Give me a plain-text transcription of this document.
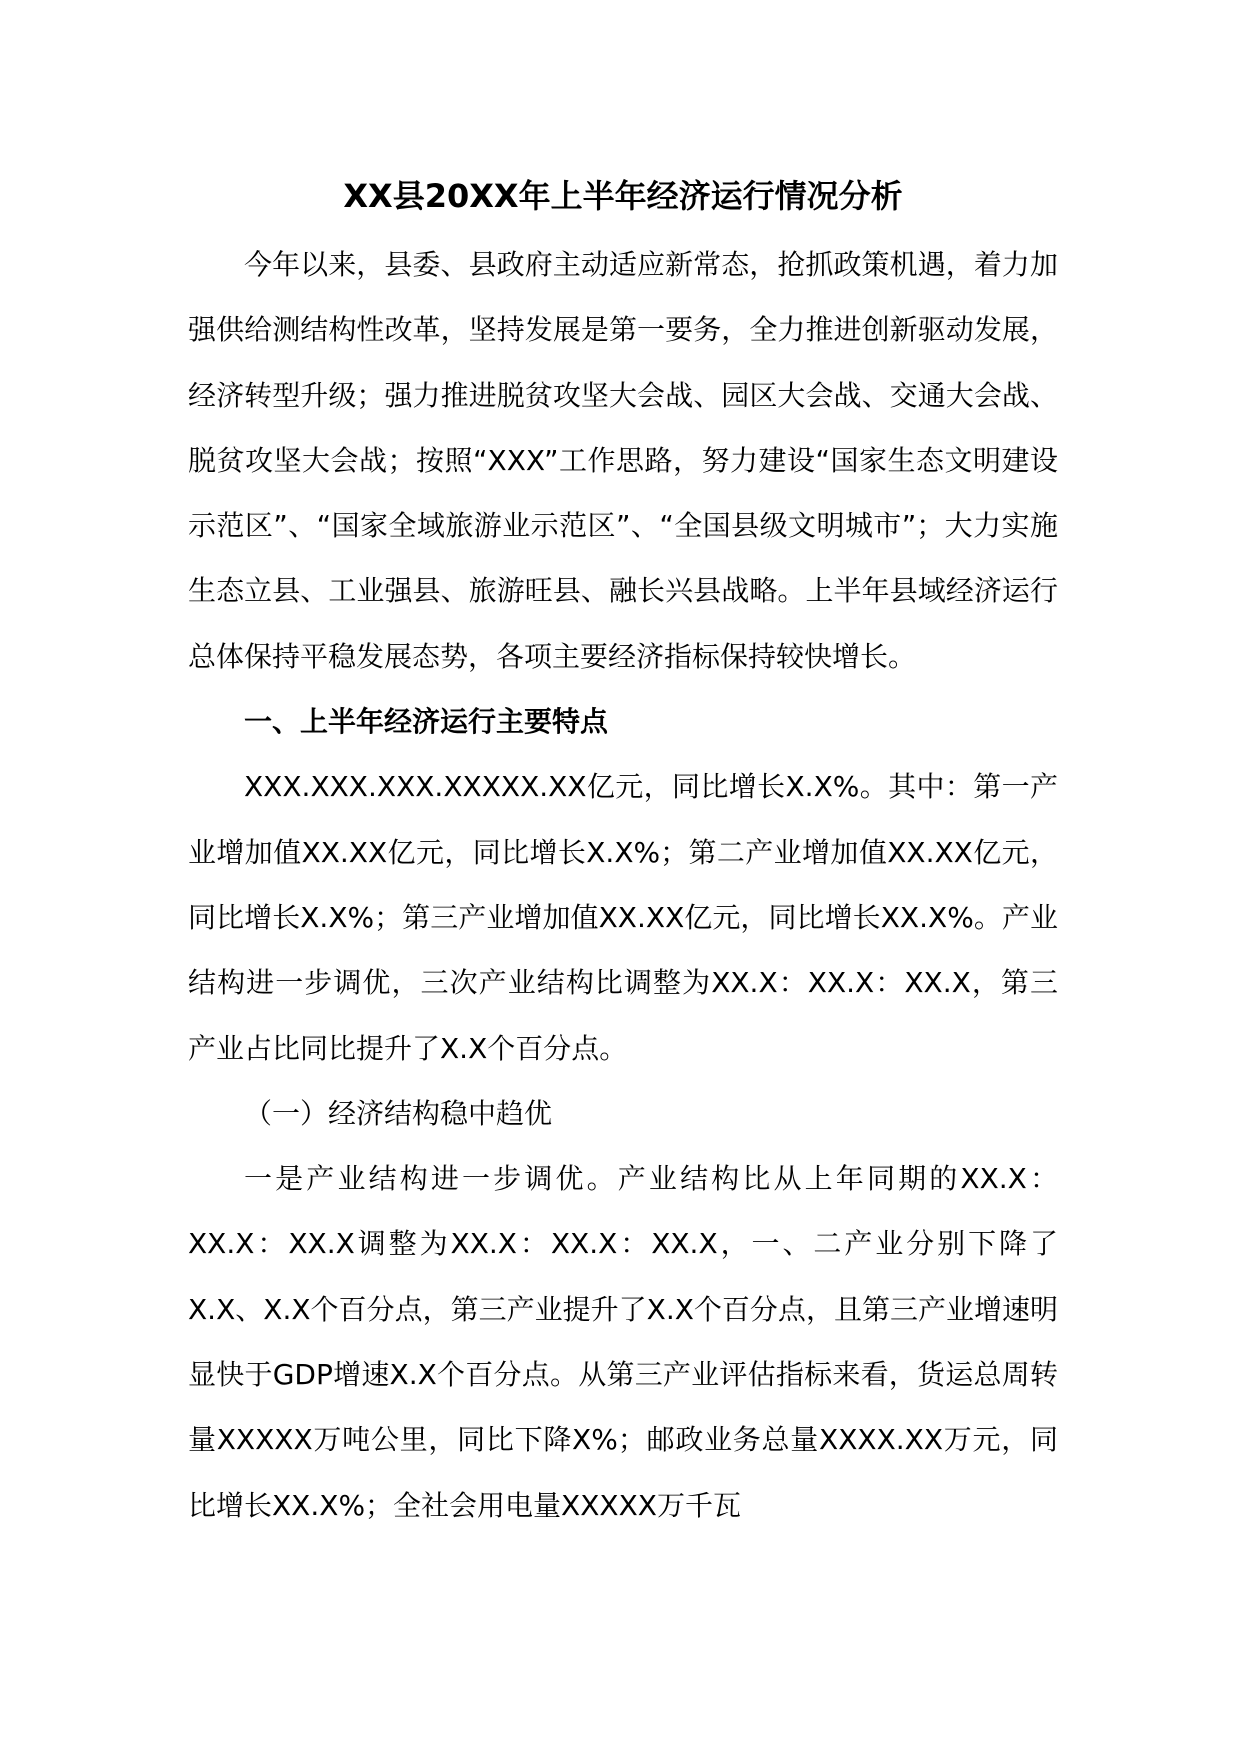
XX县20XX年上半年经济运行情况分析

今年以来，县委、县政府主动适应新常态，抢抓政策机遇，着力加强供给测结构性改革，坚持发展是第一要务，全力推进创新驱动发展，经济转型升级；强力推进脱贫攻坚大会战、园区大会战、交通大会战、脱贫攻坚大会战；按照“XXX”工作思路，努力建设“国家生态文明建设示范区”、“国家全域旅游业示范区”、“全国县级文明城市”；大力实施生态立县、工业强县、旅游旺县、融长兴县战略。上半年县域经济运行总体保持平稳发展态势，各项主要经济指标保持较快增长。

一、上半年经济运行主要特点

XXX.XXX.XXX.XXXXX.XX亿元，同比增长X.X%。其中：第一产业增加值XX.XX亿元，同比增长X.X%；第二产业增加值XX.XX亿元，同比增长X.X%；第三产业增加值XX.XX亿元，同比增长XX.X%。产业结构进一步调优，三次产业结构比调整为XX.X：XX.X：XX.X，第三产业占比同比提升了X.X个百分点。

（一）经济结构稳中趋优

一是产业结构进一步调优。产业结构比从上年同期的XX.X：XX.X：XX.X调整为XX.X：XX.X：XX.X，一、二产业分别下降了X.X、X.X个百分点，第三产业提升了X.X个百分点，且第三产业增速明显快于GDP增速X.X个百分点。从第三产业评估指标来看，货运总周转量XXXXX万吨公里，同比下降X%；邮政业务总量XXXX.XX万元，同比增长XX.X%；全社会用电量XXXXX万千瓦
